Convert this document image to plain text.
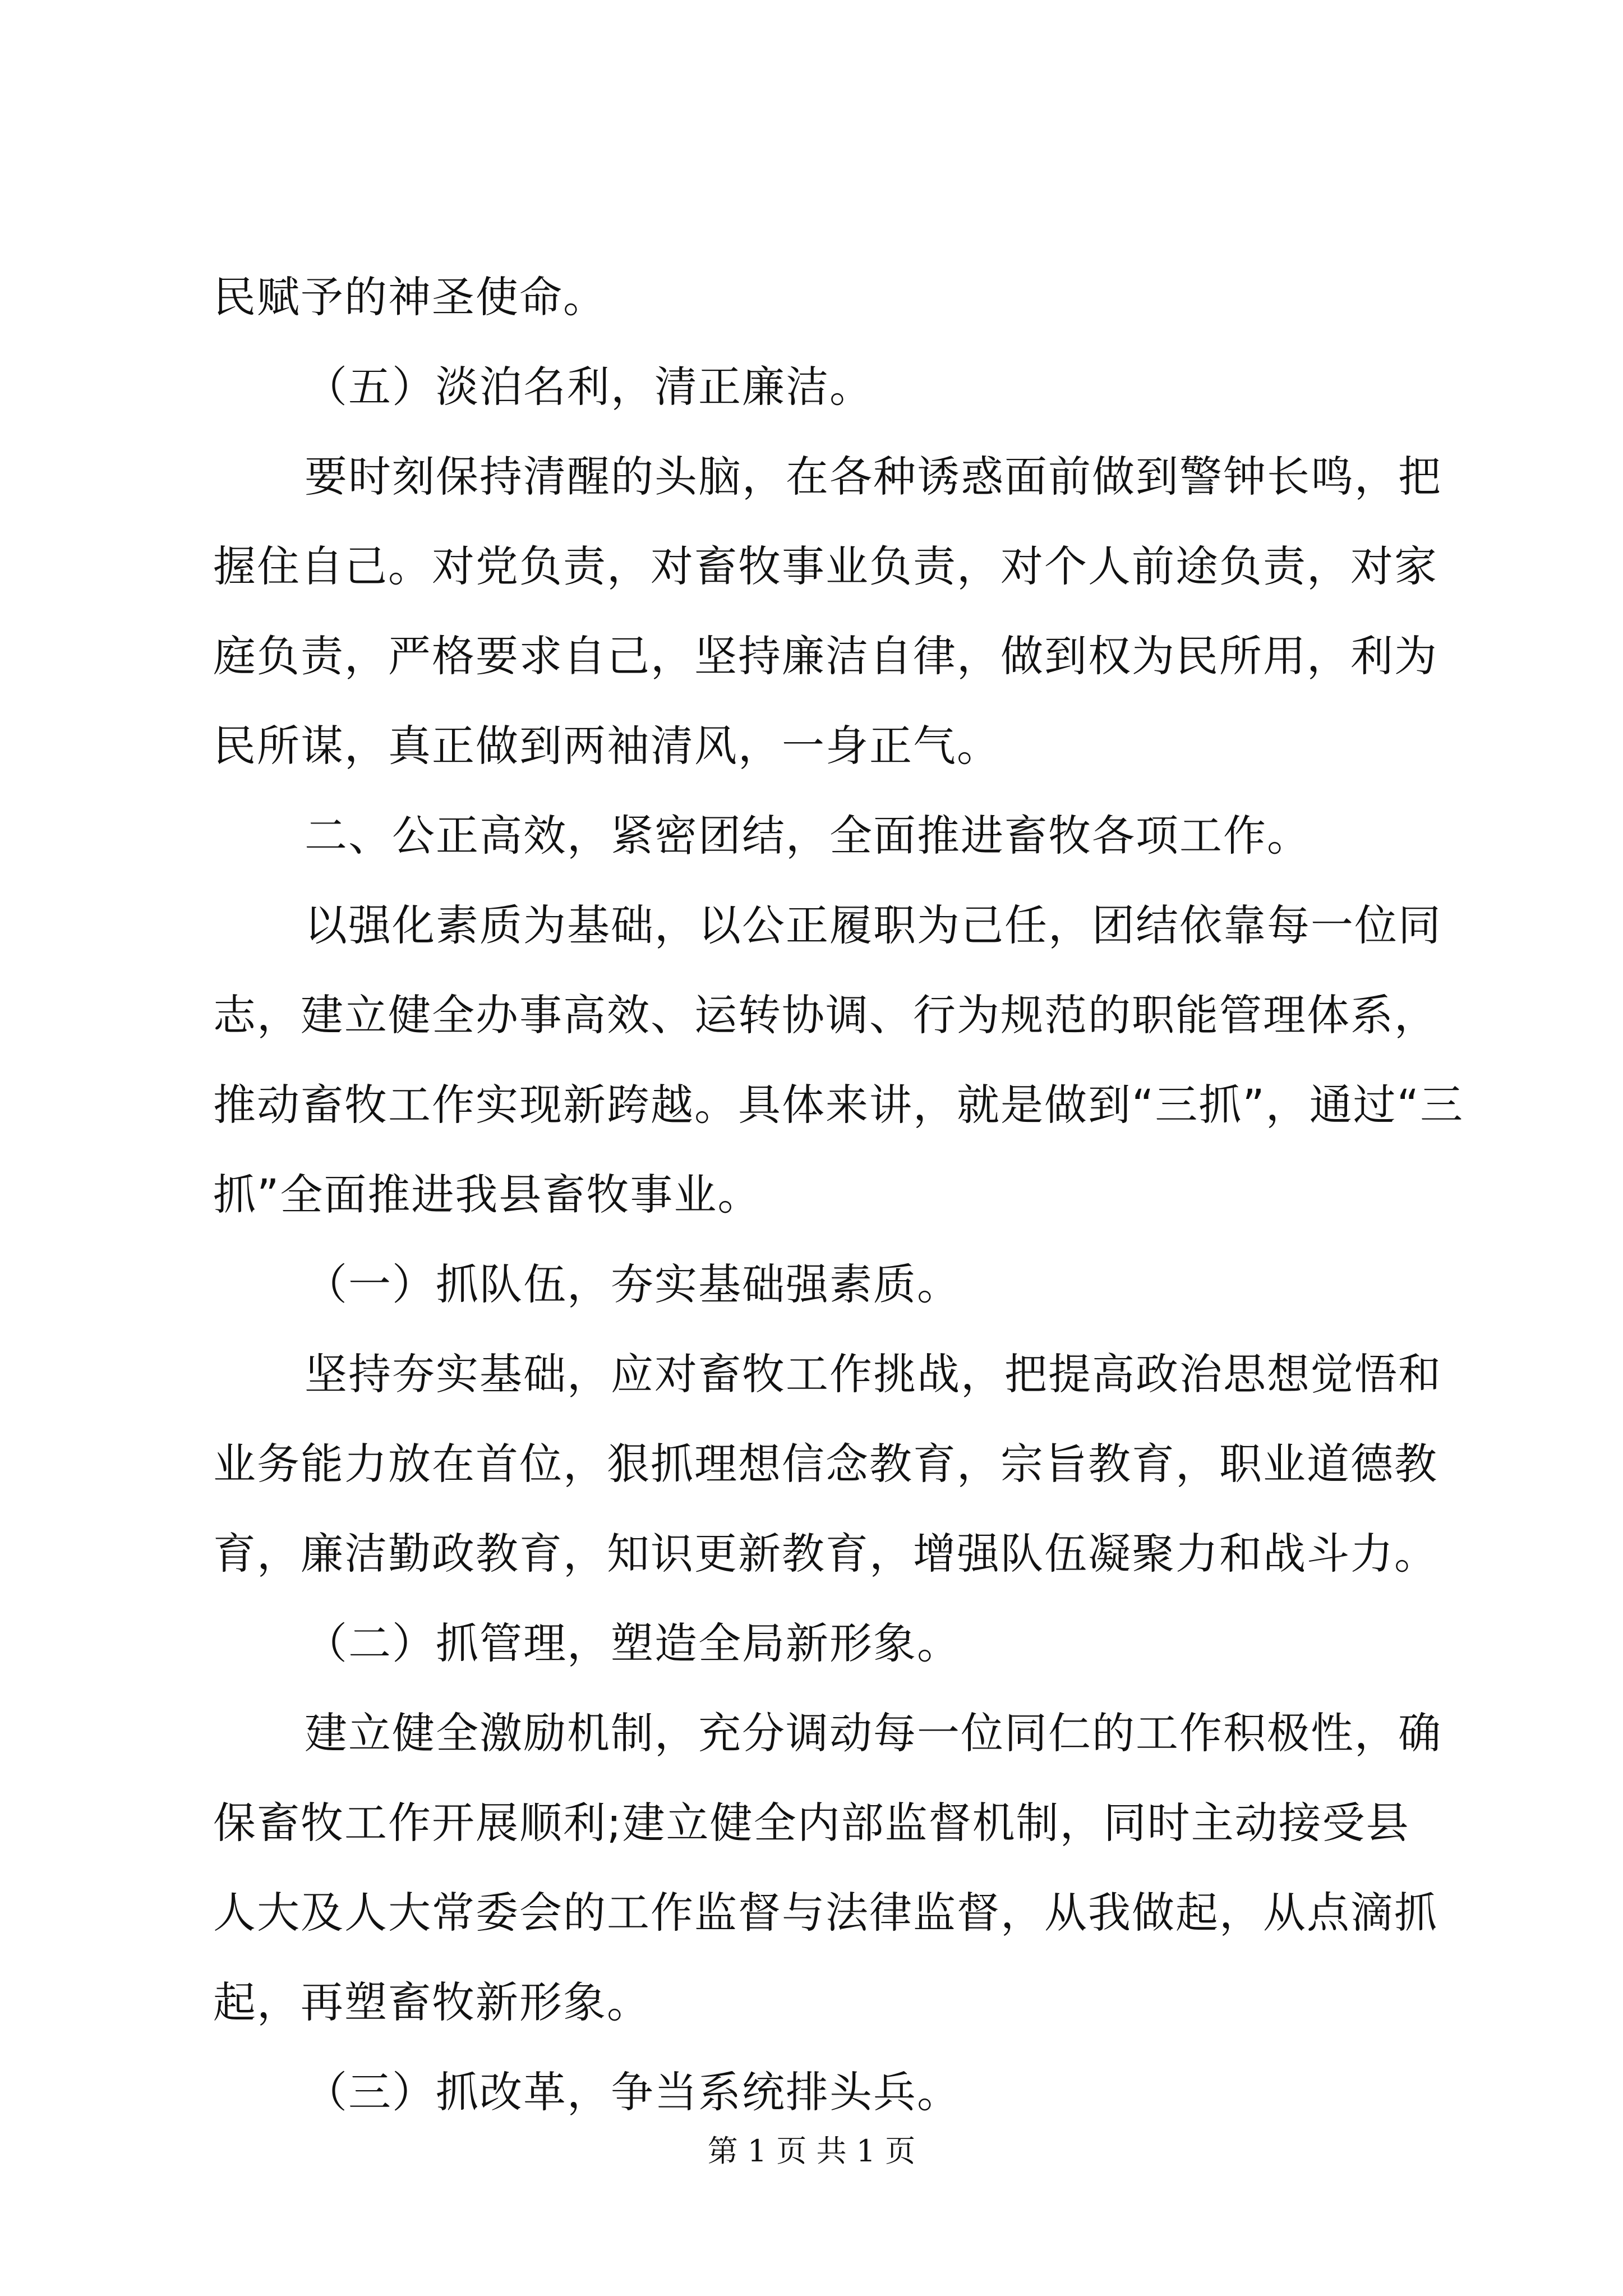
民赋予的神圣使命。
（五）淡泊名利，清正廉洁。
要时刻保持清醒的头脑，在各种诱惑面前做到警钟长鸣，把
握住自己。对党负责，对畜牧事业负责，对个人前途负责，对家
庭负责，严格要求自己，坚持廉洁自律，做到权为民所用，利为
民所谋，真正做到两袖清风，一身正气。
二、公正高效，紧密团结，全面推进畜牧各项工作。
以强化素质为基础，以公正履职为己任，团结依靠每一位同
志，建立健全办事高效、运转协调、行为规范的职能管理体系，
推动畜牧工作实现新跨越。具体来讲，就是做到“三抓”，通过“三
抓”全面推进我县畜牧事业。
（一）抓队伍，夯实基础强素质。
坚持夯实基础，应对畜牧工作挑战，把提高政治思想觉悟和
业务能力放在首位，狠抓理想信念教育，宗旨教育，职业道德教
育，廉洁勤政教育，知识更新教育，增强队伍凝聚力和战斗力。
（二）抓管理，塑造全局新形象。
建立健全激励机制，充分调动每一位同仁的工作积极性，确
保畜牧工作开展顺利;建立健全内部监督机制，同时主动接受县
人大及人大常委会的工作监督与法律监督，从我做起，从点滴抓
起，再塑畜牧新形象。
（三）抓改革，争当系统排头兵。
第 1 页 共 1 页
